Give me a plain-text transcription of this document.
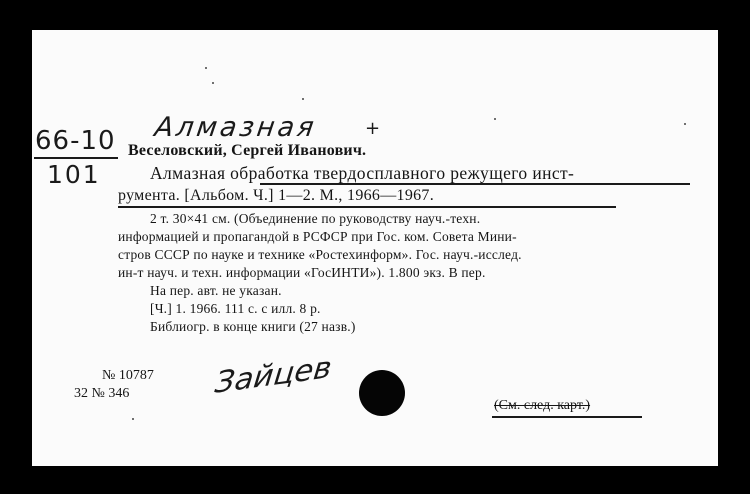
Алмазная	+
66-10
101
Веселовский, Сергей Иванович.
Алмазная обработка твердосплавного режущего инст-
румента. [Альбом. Ч.] 1—2. М., 1966—1967.
2 т. 30×41 см. (Объединение по руководству науч.-техн.
информацией и пропагандой в РСФСР при Гос. ком. Совета Мини-
стров СССР по науке и технике «Ростехинформ». Гос. науч.-исслед.
ин-т науч. и техн. информации «ГосИНТИ»). 1.800 экз. В пер.
На пер. авт. не указан.
[Ч.] 1. 1966. 111 с. с илл. 8 р.
Библиогр. в конце книги (27 назв.)
№ 10787
32 № 346	Зайцев
(См. след. карт.)
